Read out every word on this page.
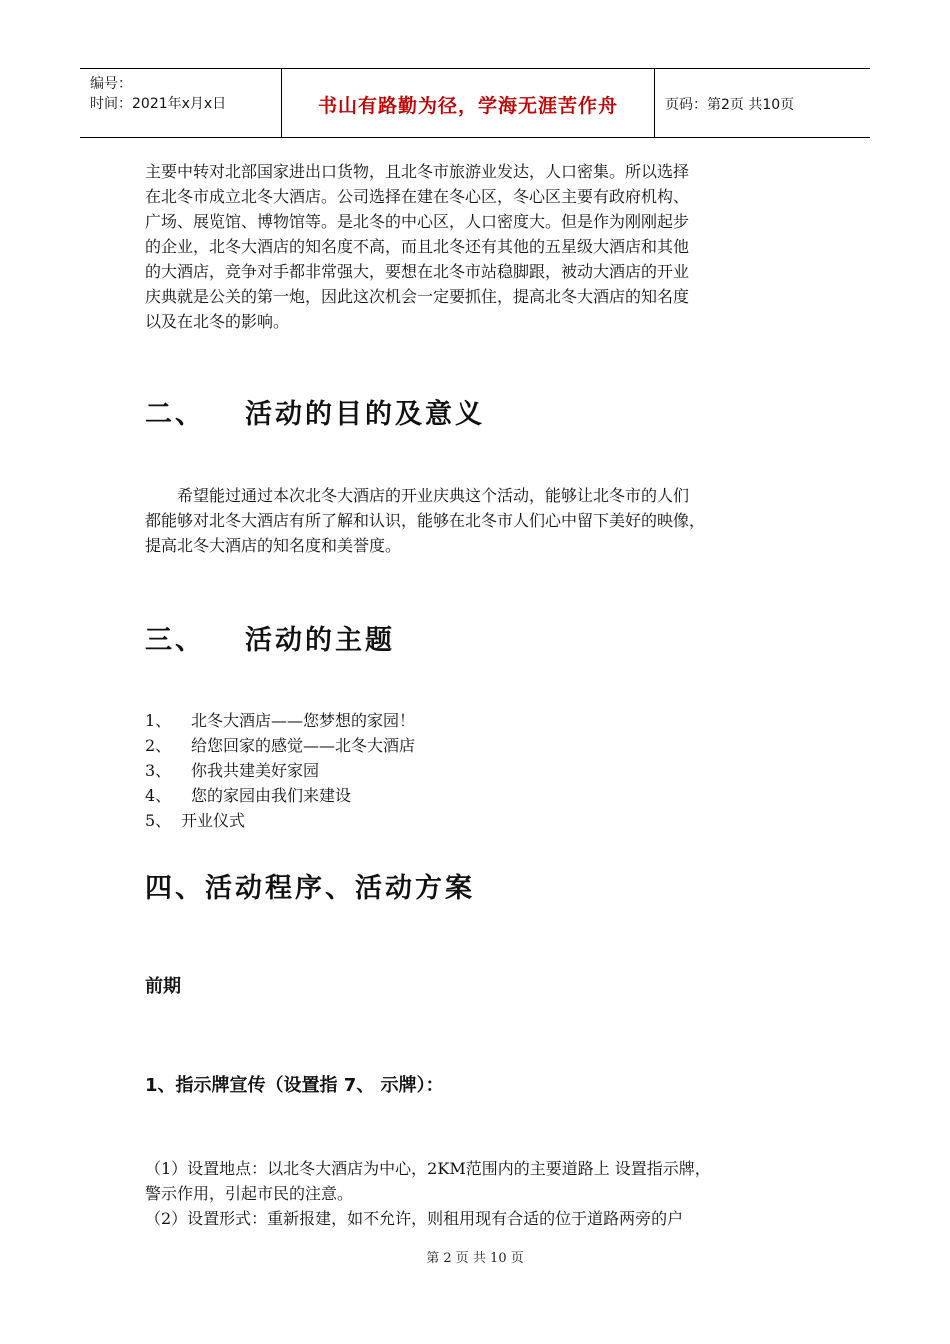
编号：
时间：2021年x月x日	书山有路勤为径，学海无涯苦作舟	页码：第2页 共10页
主要中转对北部国家进出口货物，且北冬市旅游业发达，人口密集。所以选择
在北冬市成立北冬大酒店。公司选择在建在冬心区，冬心区主要有政府机构、
广场、展览馆、博物馆等。是北冬的中心区，人口密度大。但是作为刚刚起步
的企业，北冬大酒店的知名度不高，而且北冬还有其他的五星级大酒店和其他
的大酒店，竞争对手都非常强大，要想在北冬市站稳脚跟，被动大酒店的开业
庆典就是公关的第一炮，因此这次机会一定要抓住，提高北冬大酒店的知名度
以及在北冬的影响。
二、 活动的目的及意义
　　希望能过通过本次北冬大酒店的开业庆典这个活动，能够让北冬市的人们
都能够对北冬大酒店有所了解和认识，能够在北冬市人们心中留下美好的映像，
提高北冬大酒店的知名度和美誉度。
三、 活动的主题
1、 北冬大酒店——您梦想的家园！
2、 给您回家的感觉——北冬大酒店
3、 你我共建美好家园
4、 您的家园由我们来建设
5、 开业仪式
四、活动程序、活动方案
前期
1、指示牌宣传（设置指 7、 示牌）：
（1）设置地点：以北冬大酒店为中心，2KM范围内的主要道路上 设置指示牌，
警示作用，引起市民的注意。
（2）设置形式：重新报建，如不允许，则租用现有合适的位于道路两旁的户
第 2 页 共 10 页
